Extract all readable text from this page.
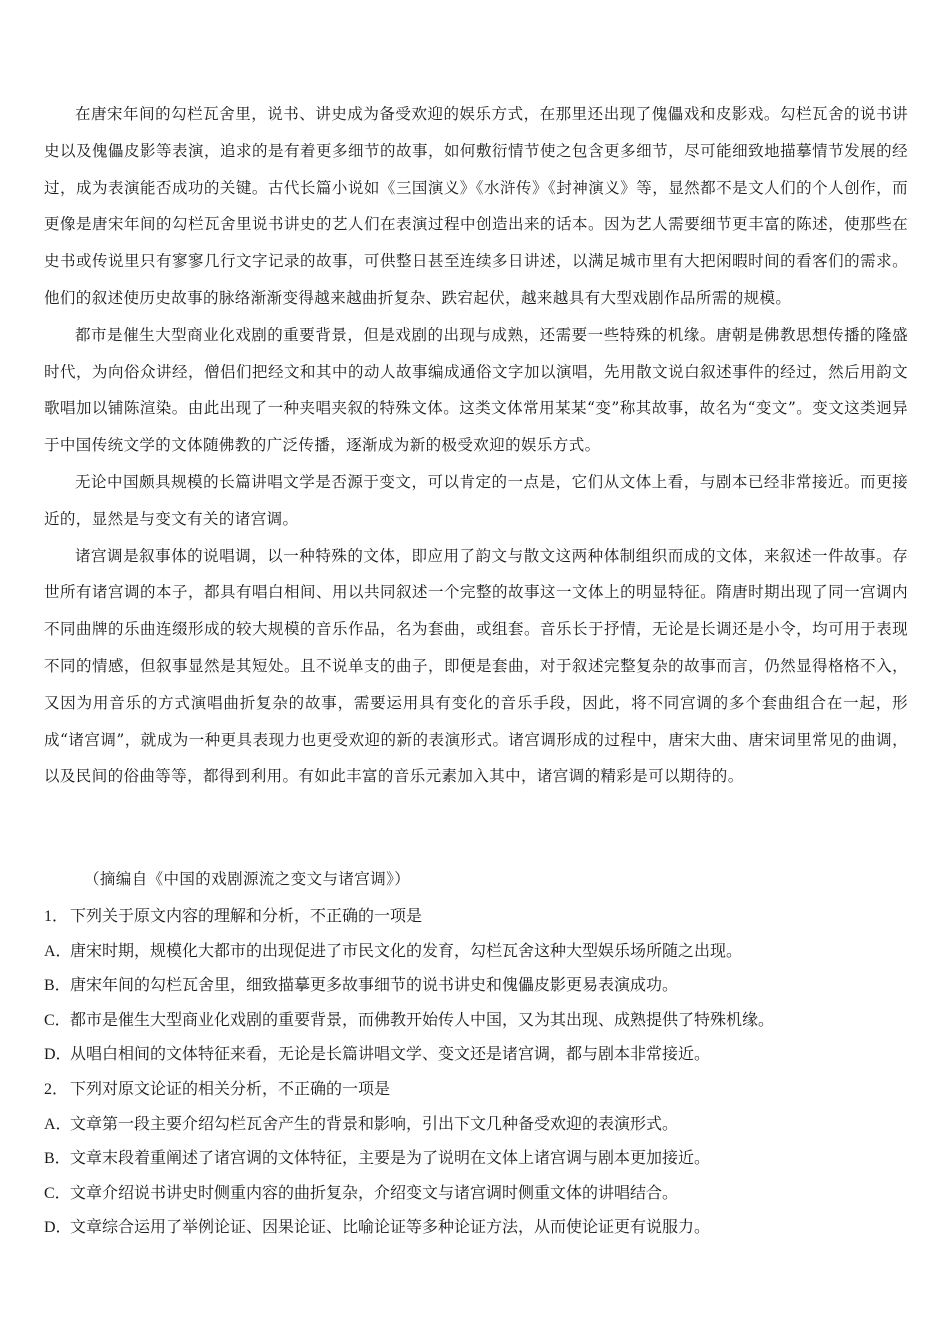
在唐宋年间的勾栏瓦舍里，说书、讲史成为备受欢迎的娱乐方式，在那里还出现了傀儡戏和皮影戏。勾栏瓦舍的说书讲史以及傀儡皮影等表演，追求的是有着更多细节的故事，如何敷衍情节使之包含更多细节，尽可能细致地描摹情节发展的经过，成为表演能否成功的关键。古代长篇小说如《三国演义》《水浒传》《封神演义》等，显然都不是文人们的个人创作，而更像是唐宋年间的勾栏瓦舍里说书讲史的艺人们在表演过程中创造出来的话本。因为艺人需要细节更丰富的陈述，使那些在史书或传说里只有寥寥几行文字记录的故事，可供整日甚至连续多日讲述，以满足城市里有大把闲暇时间的看客们的需求。他们的叙述使历史故事的脉络渐渐变得越来越曲折复杂、跌宕起伏，越来越具有大型戏剧作品所需的规模。

都市是催生大型商业化戏剧的重要背景，但是戏剧的出现与成熟，还需要一些特殊的机缘。唐朝是佛教思想传播的隆盛时代，为向俗众讲经，僧侣们把经文和其中的动人故事编成通俗文字加以演唱，先用散文说白叙述事件的经过，然后用韵文歌唱加以铺陈渲染。由此出现了一种夹唱夹叙的特殊文体。这类文体常用某某“变”称其故事，故名为“变文”。变文这类迥异于中国传统文学的文体随佛教的广泛传播，逐渐成为新的极受欢迎的娱乐方式。

无论中国颇具规模的长篇讲唱文学是否源于变文，可以肯定的一点是，它们从文体上看，与剧本已经非常接近。而更接近的，显然是与变文有关的诸宫调。

诸宫调是叙事体的说唱调，以一种特殊的文体，即应用了韵文与散文这两种体制组织而成的文体，来叙述一件故事。存世所有诸宫调的本子，都具有唱白相间、用以共同叙述一个完整的故事这一文体上的明显特征。隋唐时期出现了同一宫调内不同曲牌的乐曲连缀形成的较大规模的音乐作品，名为套曲，或组套。音乐长于抒情，无论是长调还是小令，均可用于表现不同的情感，但叙事显然是其短处。且不说单支的曲子，即便是套曲，对于叙述完整复杂的故事而言，仍然显得格格不入，又因为用音乐的方式演唱曲折复杂的故事，需要运用具有变化的音乐手段，因此，将不同宫调的多个套曲组合在一起，形成“诸宫调”，就成为一种更具表现力也更受欢迎的新的表演形式。诸宫调形成的过程中，唐宋大曲、唐宋词里常见的曲调，以及民间的俗曲等等，都得到利用。有如此丰富的音乐元素加入其中，诸宫调的精彩是可以期待的。

（摘编自《中国的戏剧源流之变文与诸宫调》）

1． 下列关于原文内容的理解和分析，不正确的一项是

A．唐宋时期，规模化大都市的出现促进了市民文化的发育，勾栏瓦舍这种大型娱乐场所随之出现。

B．唐宋年间的勾栏瓦舍里，细致描摹更多故事细节的说书讲史和傀儡皮影更易表演成功。

C．都市是催生大型商业化戏剧的重要背景，而佛教开始传人中国，又为其出现、成熟提供了特殊机缘。

D．从唱白相间的文体特征来看，无论是长篇讲唱文学、变文还是诸宫调，都与剧本非常接近。

2． 下列对原文论证的相关分析，不正确的一项是

A．文章第一段主要介绍勾栏瓦舍产生的背景和影响，引出下文几种备受欢迎的表演形式。

B．文章末段着重阐述了诸宫调的文体特征，主要是为了说明在文体上诸宫调与剧本更加接近。

C．文章介绍说书讲史时侧重内容的曲折复杂，介绍变文与诸宫调时侧重文体的讲唱结合。

D．文章综合运用了举例论证、因果论证、比喻论证等多种论证方法，从而使论证更有说服力。
